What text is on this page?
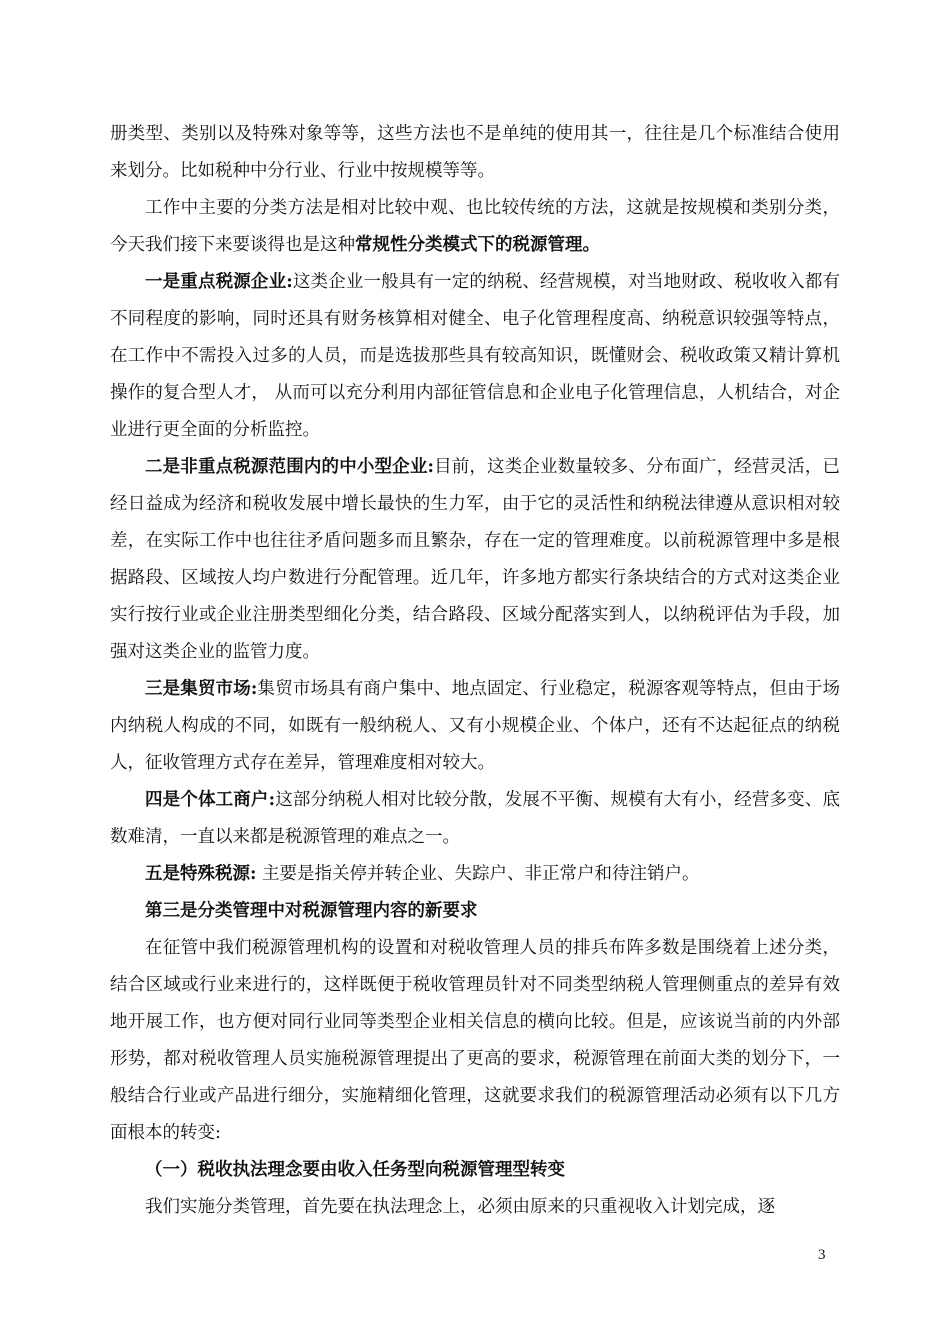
册类型、类别以及特殊对象等等，这些方法也不是单纯的使用其一，往往是几个标准结合使用来划分。比如税种中分行业、行业中按规模等等。

工作中主要的分类方法是相对比较中观、也比较传统的方法，这就是按规模和类别分类，今天我们接下来要谈得也是这种常规性分类模式下的税源管理。

一是重点税源企业:这类企业一般具有一定的纳税、经营规模，对当地财政、税收收入都有不同程度的影响，同时还具有财务核算相对健全、电子化管理程度高、纳税意识较强等特点，在工作中不需投入过多的人员，而是选拔那些具有较高知识，既懂财会、税收政策又精计算机操作的复合型人才， 从而可以充分利用内部征管信息和企业电子化管理信息，人机结合，对企业进行更全面的分析监控。

二是非重点税源范围内的中小型企业:目前，这类企业数量较多、分布面广，经营灵活，已经日益成为经济和税收发展中增长最快的生力军，由于它的灵活性和纳税法律遵从意识相对较差，在实际工作中也往往矛盾问题多而且繁杂，存在一定的管理难度。以前税源管理中多是根据路段、区域按人均户数进行分配管理。近几年，许多地方都实行条块结合的方式对这类企业实行按行业或企业注册类型细化分类，结合路段、区域分配落实到人，以纳税评估为手段，加强对这类企业的监管力度。

三是集贸市场:集贸市场具有商户集中、地点固定、行业稳定，税源客观等特点，但由于场内纳税人构成的不同，如既有一般纳税人、又有小规模企业、个体户，还有不达起征点的纳税人，征收管理方式存在差异，管理难度相对较大。

四是个体工商户:这部分纳税人相对比较分散，发展不平衡、规模有大有小，经营多变、底数难清，一直以来都是税源管理的难点之一。

五是特殊税源: 主要是指关停并转企业、失踪户、非正常户和待注销户。

第三是分类管理中对税源管理内容的新要求

在征管中我们税源管理机构的设置和对税收管理人员的排兵布阵多数是围绕着上述分类，结合区域或行业来进行的，这样既便于税收管理员针对不同类型纳税人管理侧重点的差异有效地开展工作，也方便对同行业同等类型企业相关信息的横向比较。但是，应该说当前的内外部形势，都对税收管理人员实施税源管理提出了更高的要求，税源管理在前面大类的划分下，一般结合行业或产品进行细分，实施精细化管理，这就要求我们的税源管理活动必须有以下几方面根本的转变:

（一）税收执法理念要由收入任务型向税源管理型转变

我们实施分类管理，首先要在执法理念上，必须由原来的只重视收入计划完成，逐

3
